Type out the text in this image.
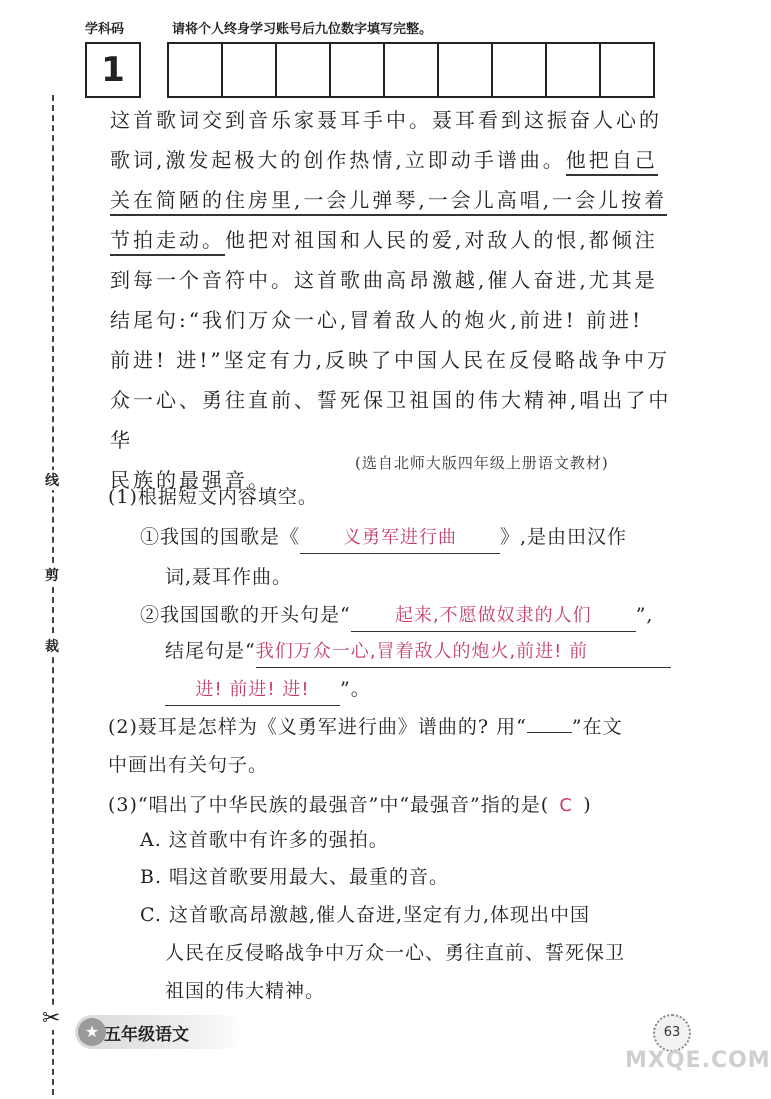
学科码	请将个人终身学习账号后九位数字填写完整。
1
线
剪
裁
✂

这首歌词交到音乐家聂耳手中。聂耳看到这振奋人心的

歌词,激发起极大的创作热情,立即动手谱曲。他把自己

关在简陋的住房里,一会儿弹琴,一会儿高唱,一会儿按着

节拍走动。他把对祖国和人民的爱,对敌人的恨,都倾注

到每一个音符中。这首歌曲高昂激越,催人奋进,尤其是

结尾句:“我们万众一心,冒着敌人的炮火,前进! 前进!

前进! 进!”坚定有力,反映了中国人民在反侵略战争中万

众一心、勇往直前、誓死保卫祖国的伟大精神,唱出了中华

民族的最强音。

(选自北师大版四年级上册语文教材)
(1)根据短文内容填空。
①我国的国歌是《 义勇军进行曲 》,是由田汉作
词,聂耳作曲。
②我国国歌的开头句是“ 起来,不愿做奴隶的人们 ”,
结尾句是“我们万众一心,冒着敌人的炮火,前进! 前
进! 前进! 进! ”。
(2)聂耳是怎样为《义勇军进行曲》谱曲的? 用“ ”在文
中画出有关句子。
(3)“唱出了中华民族的最强音”中“最强音”指的是( C )
A. 这首歌中有许多的强拍。
B. 唱这首歌要用最大、最重的音。
C. 这首歌高昂激越,催人奋进,坚定有力,体现出中国
人民在反侵略战争中万众一心、勇往直前、誓死保卫
祖国的伟大精神。
★ 五年级语文	63
MXQE.COM
